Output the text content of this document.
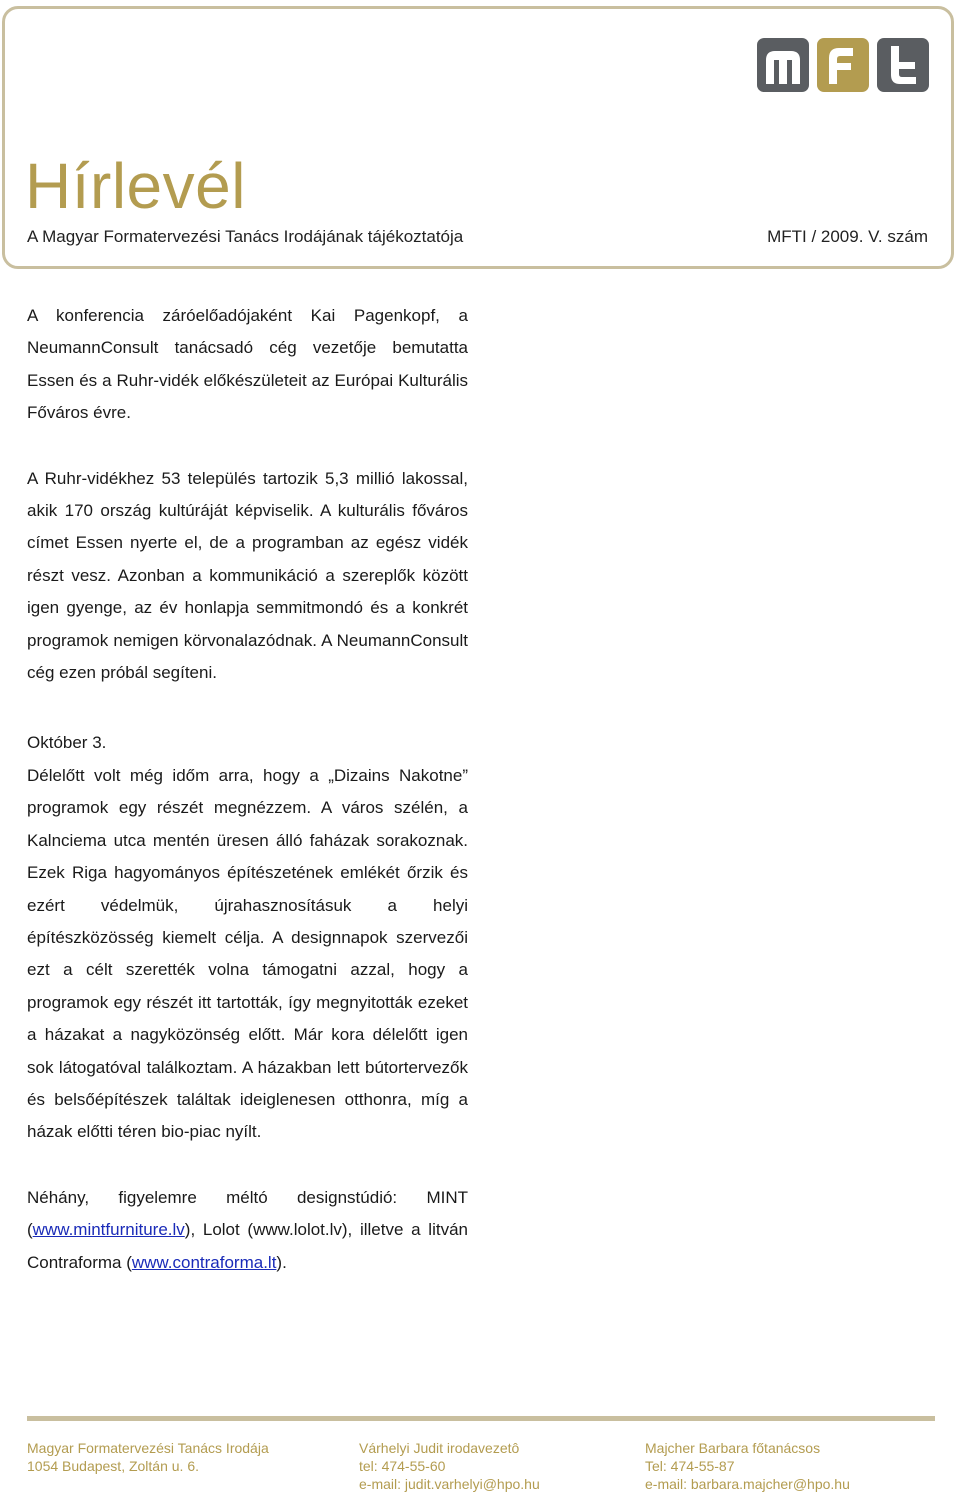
Hírlevél
A Magyar Formatervezési Tanács Irodájának tájékoztatója	MFTI / 2009. V. szám

A konferencia záróelőadójaként Kai Pagenkopf, a NeumannConsult tanácsadó cég vezetője bemutatta Essen és a Ruhr-vidék előkészületeit az Európai Kulturális Főváros évre.

A Ruhr-vidékhez 53 település tartozik 5,3 millió lakossal, akik 170 ország kultúráját képviselik. A kulturális főváros címet Essen nyerte el, de a programban az egész vidék részt vesz. Azonban a kommunikáció a szereplők között igen gyenge, az év honlapja semmitmondó és a konkrét programok nemigen körvonalazódnak. A NeumannConsult cég ezen próbál segíteni.

Október 3.

Délelőtt volt még időm arra, hogy a „Dizains Nakotne” programok egy részét megnézzem. A város szélén, a Kalnciema utca mentén üresen álló faházak sorakoznak. Ezek Riga hagyományos építészetének emlékét őrzik és ezért védelmük, újrahasznosításuk a helyi építészközösség kiemelt célja. A designnapok szervezői ezt a célt szerették volna támogatni azzal, hogy a programok egy részét itt tartották, így megnyitották ezeket a házakat a nagyközönség előtt. Már kora délelőtt igen sok látogatóval találkoztam. A házakban lett bútortervezők és belsőépítészek találtak ideiglenesen otthonra, míg a házak előtti téren bio-piac nyílt.

Néhány, figyelemre méltó designstúdió: MINT (www.mintfurniture.lv), Lolot (www.lolot.lv), illetve a litván Contraforma (www.contraforma.lt).

Magyar Formatervezési Tanács Irodája
1054 Budapest, Zoltán u. 6.
Várhelyi Judit irodavezetô
tel: 474-55-60
e-mail: judit.varhelyi@hpo.hu
Majcher Barbara főtanácsos
Tel: 474-55-87
e-mail: barbara.majcher@hpo.hu
